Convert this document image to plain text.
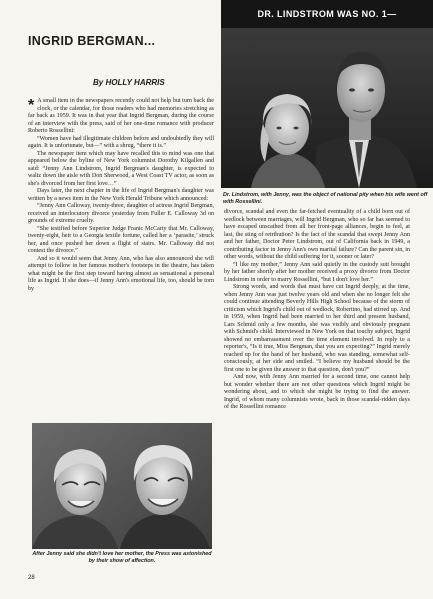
INGRID BERGMAN...
By HOLLY HARRIS
DR. LINDSTROM WAS NO. 1—
Dr. Lindstrom, with Jenny, was the object of national pity when his wife went off with Rossellini.

* A small item in the newspapers recently could not help but turn back the clock, or the calendar, for those readers who had memories stretching as far back as 1959. It was in that year that Ingrid Bergman, during the course of an interview with the press, said of her one-time romance with producer Roberto Rossellini:

“Women have had illegitimate children before and undoubtedly they will again. It is unfortunate, but—” with a shrug, “there it is.”

The newspaper item which may have recalled this to mind was one that appeared below the byline of New York columnist Dorothy Kilgallen and said: “Jenny Ann Lindstrom, Ingrid Bergman's daughter, is expected to waltz down the aisle with Don Sherwood, a West Coast TV actor, as soon as she's divorced from her first love…”

Days later, the next chapter in the life of Ingrid Bergman's daughter was written by a news item in the New York Herald Tribune which announced:

“Jenny Ann Calloway, twenty-three, daughter of actress Ingrid Bergman, received an interlocutory divorce yesterday from Fuller E. Calloway 3d on grounds of extreme cruelty.

“She testified before Superior Judge Franic McCarty that Mr. Calloway, twenty-eight, heir to a Georgia textile fortune, called her a ‘parasite,’ struck her, and once pushed her down a flight of stairs. Mr. Calloway did not contest the divorce.”

And so it would seem that Jenny Ann, who has also announced she will attempt to follow in her famous mother's footsteps in the theatre, has taken what might be the first step toward having almost as sensational a personal life as Ingrid. If she does—if Jenny Ann's emotional life, too, should be torn by

After Jenny said she didn't love her mother, the Press was astonished by their show of affection.

divorce, scandal and even the far-fetched eventuality of a child born out of wedlock between marriages, will Ingrid Bergman, who so far has seemed to have escaped unscathed from all her front-page alliances, begin to feel, at last, the sting of retribution? Is the fact of the scandal that swept Jenny Ann and her father, Doctor Peter Lindstrom, out of California back in 1949, a contributing factor in Jenny Ann's own marital failure? Can the parent sin, in other words, without the child suffering for it, sooner or later?

“I like my mother,” Jenny Ann said quietly in the custody suit brought by her father shortly after her mother received a proxy divorce from Doctor Lindstrom in order to marry Rossellini, “but I don't love her.”

Strong words, and words that must have cut Ingrid deeply, at the time, when Jenny Ann was just twelve years old and when she no longer felt she could continue attending Beverly Hills High School because of the storm of criticism which Ingrid's child out of wedlock, Robertino, had stirred up. And in 1959, when Ingrid had been married to her third and present husband, Lars Schmid only a few months, she was visibly and obviously pregnant with Schmid's child. Interviewed in New York on that touchy subject, Ingrid showed no embarrassment over the time element involved. In reply to a reporter's, “Is it true, Miss Bergman, that you are expecting?” Ingrid merely reached up for the hand of her husband, who was standing, somewhat self-consciously, at her side and smiled. “I believe my husband should be the first one to be given the answer to that question, don't you?”

And now, with Jenny Ann married for a second time, one cannot help but wonder whether there are not other questions which Ingrid might be wondering about, and to which she might be trying to find the answer. Ingrid, of whom many columnists wrote, back in those scandal-ridden days of the Rossellini romance

28
